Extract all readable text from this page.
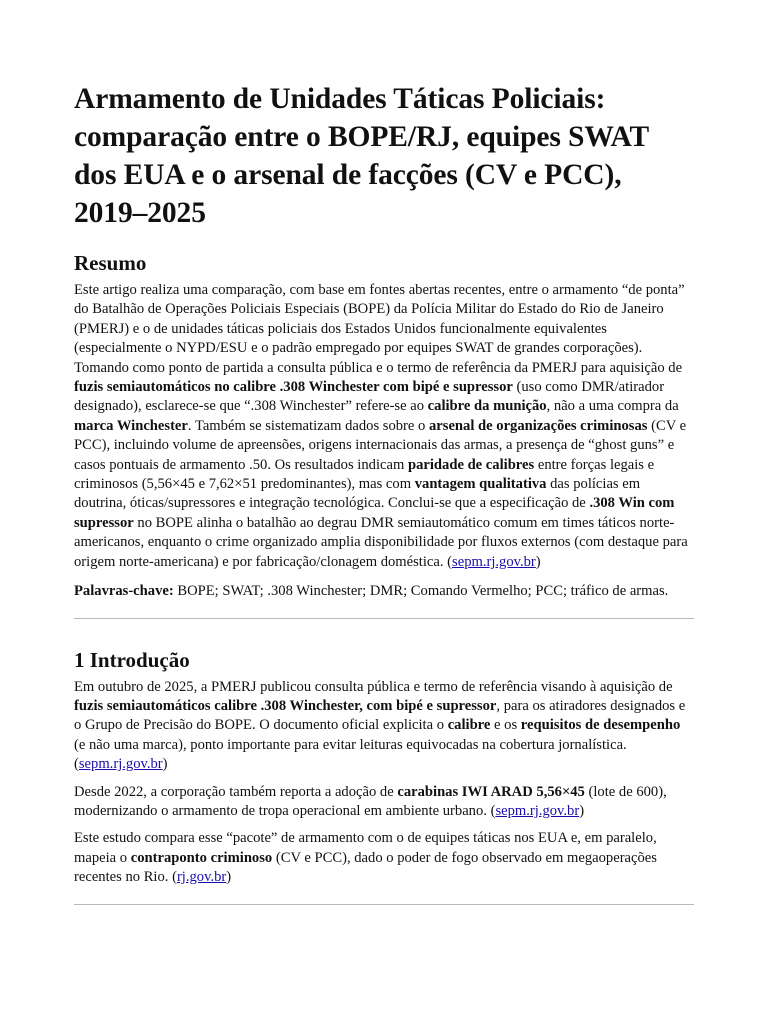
Armamento de Unidades Táticas Policiais: comparação entre o BOPE/RJ, equipes SWAT dos EUA e o arsenal de facções (CV e PCC), 2019–2025
Resumo

Este artigo realiza uma comparação, com base em fontes abertas recentes, entre o armamento “de ponta” do Batalhão de Operações Policiais Especiais (BOPE) da Polícia Militar do Estado do Rio de Janeiro (PMERJ) e o de unidades táticas policiais dos Estados Unidos funcionalmente equivalentes (especialmente o NYPD/ESU e o padrão empregado por equipes SWAT de grandes corporações). Tomando como ponto de partida a consulta pública e o termo de referência da PMERJ para aquisição de fuzis semiautomáticos no calibre .308 Winchester com bipé e supressor (uso como DMR/atirador designado), esclarece-se que “.308 Winchester” refere-se ao calibre da munição, não a uma compra da marca Winchester. Também se sistematizam dados sobre o arsenal de organizações criminosas (CV e PCC), incluindo volume de apreensões, origens internacionais das armas, a presença de “ghost guns” e casos pontuais de armamento .50. Os resultados indicam paridade de calibres entre forças legais e criminosos (5,56×45 e 7,62×51 predominantes), mas com vantagem qualitativa das polícias em doutrina, óticas/supressores e integração tecnológica. Conclui-se que a especificação de .308 Win com supressor no BOPE alinha o batalhão ao degrau DMR semiautomático comum em times táticos norte-americanos, enquanto o crime organizado amplia disponibilidade por fluxos externos (com destaque para origem norte-americana) e por fabricação/clonagem doméstica. (sepm.rj.gov.br)

Palavras-chave: BOPE; SWAT; .308 Winchester; DMR; Comando Vermelho; PCC; tráfico de armas.

1 Introdução

Em outubro de 2025, a PMERJ publicou consulta pública e termo de referência visando à aquisição de fuzis semiautomáticos calibre .308 Winchester, com bipé e supressor, para os atiradores designados e o Grupo de Precisão do BOPE. O documento oficial explicita o calibre e os requisitos de desempenho (e não uma marca), ponto importante para evitar leituras equivocadas na cobertura jornalística. (sepm.rj.gov.br)

Desde 2022, a corporação também reporta a adoção de carabinas IWI ARAD 5,56×45 (lote de 600), modernizando o armamento de tropa operacional em ambiente urbano. (sepm.rj.gov.br)

Este estudo compara esse “pacote” de armamento com o de equipes táticas nos EUA e, em paralelo, mapeia o contraponto criminoso (CV e PCC), dado o poder de fogo observado em megaoperações recentes no Rio. (rj.gov.br)
